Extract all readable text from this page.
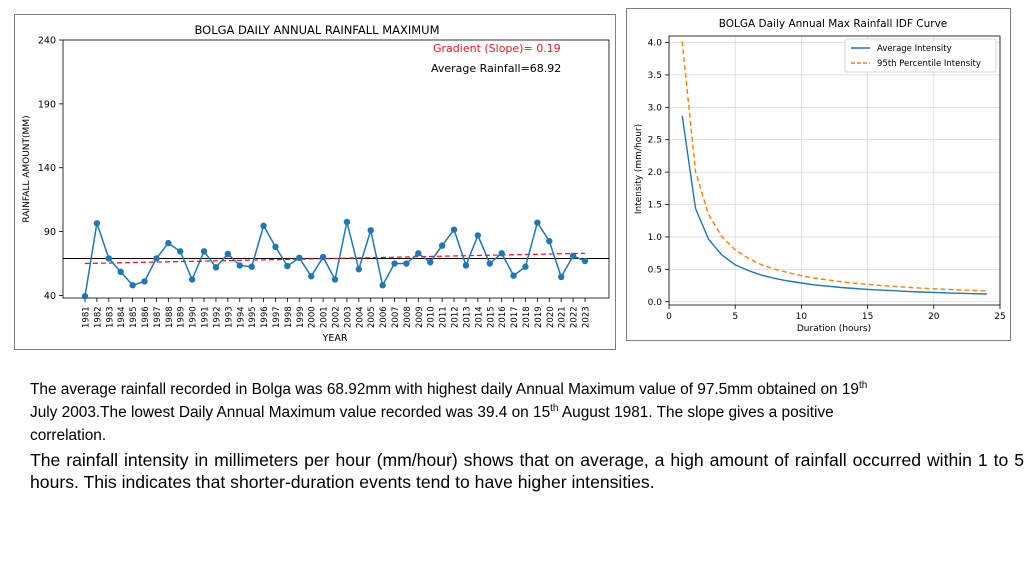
BOLGA DAILY ANNUAL RAINFALL MAXIMUM
Gradient (Slope)= 0.19
Average Rainfall=68.92
YEAR
RAINFALL AMOUNT(MM)
40
90
140
190
240
1981 1982 1983 1984 1985 1986 1987 1988 1989 1990 1991 1992 1993 1994 1995 1996 1997 1998 1999 2000 2001 2002 2003 2004 2005 2006 2007 2008 2009 2010 2011 2012 2013 2014 2015 2016 2017 2018 2019 2020 2021 2022 2023
BOLGA Daily Annual Max Rainfall IDF Curve
Duration (hours)
Intensity (mm/hour)
0	5	10	15	20	25
0.0
0.5
1.0
1.5
2.0
2.5
3.0
3.5
4.0
Average Intensity
95th Percentile Intensity
The average rainfall recorded in Bolga was 68.92mm with highest daily Annual Maximum value of 97.5mm obtained on 19th
July 2003.The lowest Daily Annual Maximum value recorded was 39.4 on 15th August 1981. The slope gives a positive
correlation.
The rainfall intensity in millimeters per hour (mm/hour) shows that on average, a high amount of rainfall occurred within 1 to 5 hours. This indicates that shorter-duration events tend to have higher intensities.
